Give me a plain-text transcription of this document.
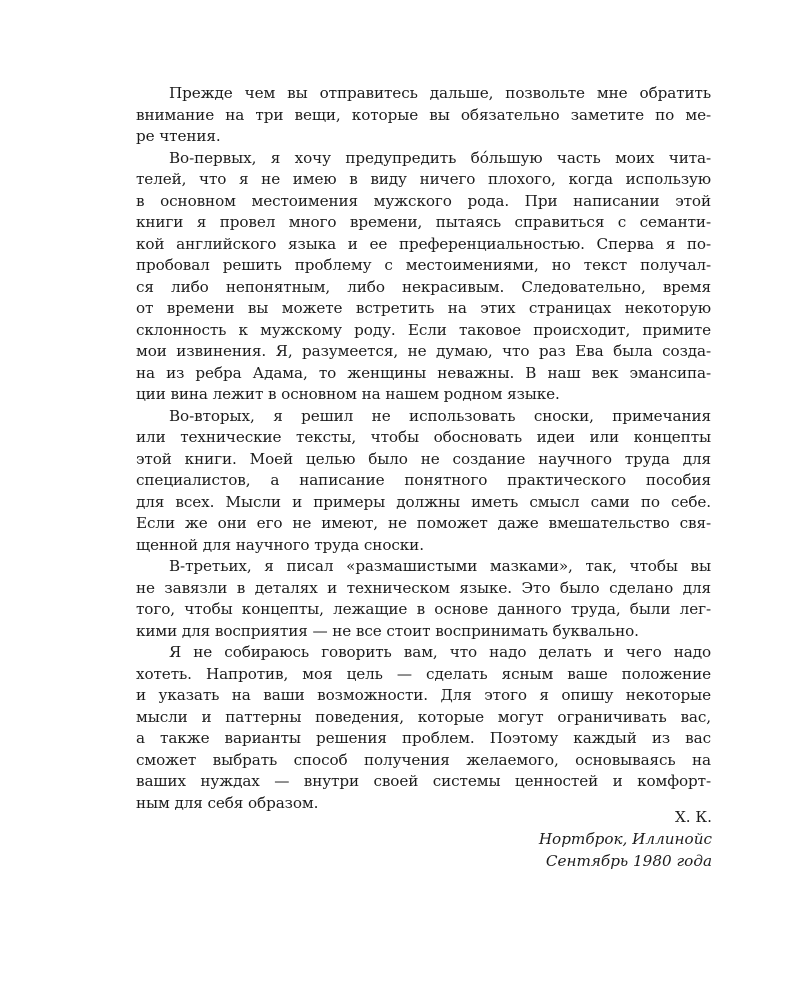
Прежде чем вы отправитесь дальше, позвольте мне обратить
внимание на три вещи, которые вы обязательно заметите по ме-
ре чтения.
Во-первых, я хочу предупредить бóльшую часть моих чита-
телей, что я не имею в виду ничего плохого, когда использую
в основном местоимения мужского рода. При написании этой
книги я провел много времени, пытаясь справиться с семанти-
кой английского языка и ее преференциальностью. Сперва я по-
пробовал решить проблему с местоимениями, но текст получал-
ся либо непонятным, либо некрасивым. Следовательно, время
от времени вы можете встретить на этих страницах некоторую
склонность к мужскому роду. Если таковое происходит, примите
мои извинения. Я, разумеется, не думаю, что раз Ева была созда-
на из ребра Адама, то женщины неважны. В наш век эмансипа-
ции вина лежит в основном на нашем родном языке.
Во-вторых, я решил не использовать сноски, примечания
или технические тексты, чтобы обосновать идеи или концепты
этой книги. Моей целью было не создание научного труда для
специалистов, а написание понятного практического пособия
для всех. Мысли и примеры должны иметь смысл сами по себе.
Если же они его не имеют, не поможет даже вмешательство свя-
щенной для научного труда сноски.
В-третьих, я писал «размашистыми мазками», так, чтобы вы
не завязли в деталях и техническом языке. Это было сделано для
того, чтобы концепты, лежащие в основе данного труда, были лег-
кими для восприятия — не все стоит воспринимать буквально.
Я не собираюсь говорить вам, что надо делать и чего надо
хотеть. Напротив, моя цель — сделать ясным ваше положение
и указать на ваши возможности. Для этого я опишу некоторые
мысли и паттерны поведения, которые могут ограничивать вас,
а также варианты решения проблем. Поэтому каждый из вас
сможет выбрать способ получения желаемого, основываясь на
ваших нуждах — внутри своей системы ценностей и комфорт-
ным для себя образом.
Х. К.
Нортброк, Иллинойс
Сентябрь 1980 года
